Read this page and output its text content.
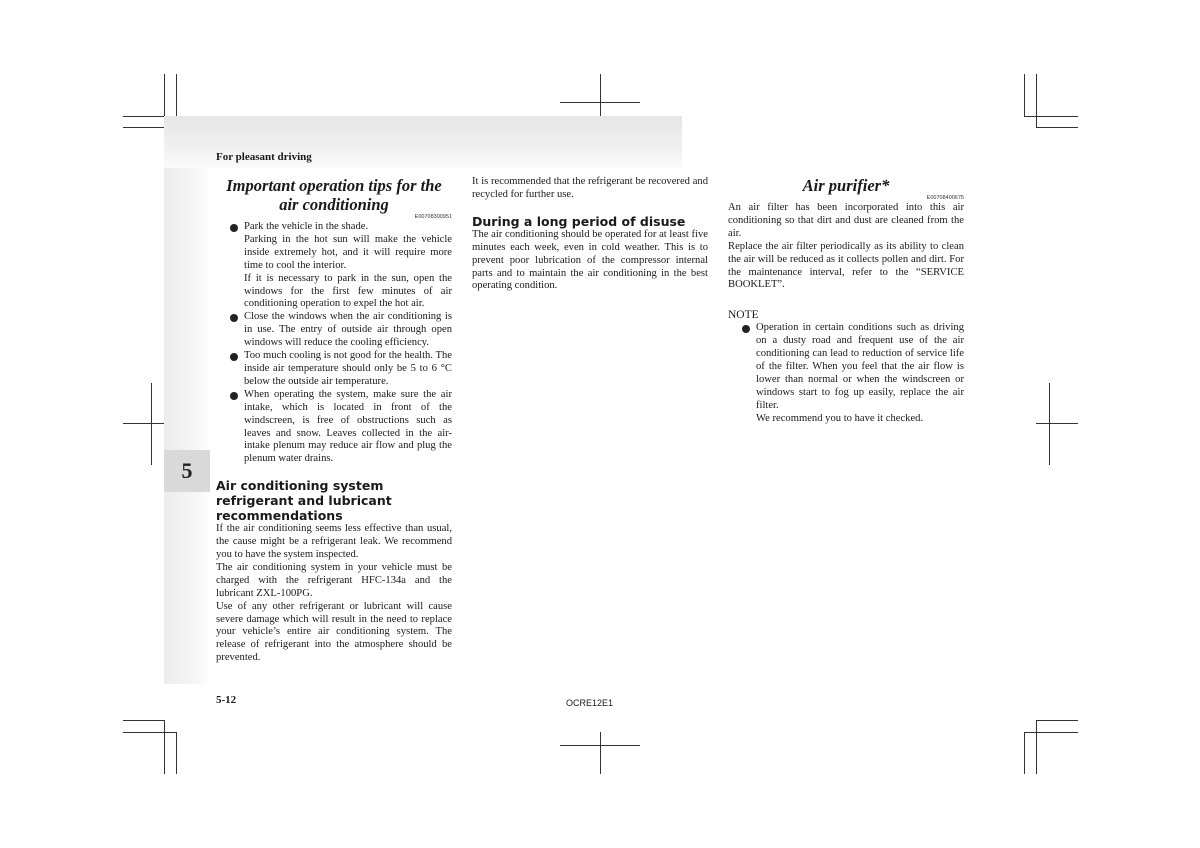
5
For pleasant driving
Important operation tips for the air conditioning
E00708300951

Park the vehicle in the shade.

Parking in the hot sun will make the vehicle inside extremely hot, and it will require more time to cool the interior.

If it is necessary to park in the sun, open the windows for the first few minutes of air conditioning operation to expel the hot air.

Close the windows when the air conditioning is in use. The entry of outside air through open windows will reduce the cooling efficiency.

Too much cooling is not good for the health. The inside air temperature should only be 5 to 6 °C below the outside air temperature.

When operating the system, make sure the air intake, which is located in front of the windscreen, is free of obstructions such as leaves and snow. Leaves collected in the air-intake plenum may reduce air flow and plug the plenum water drains.

Air conditioning system refrigerant and lubricant recommendations

If the air conditioning seems less effective than usual, the cause might be a refrigerant leak. We recommend you to have the system inspected.

The air conditioning system in your vehicle must be charged with the refrigerant HFC-134a and the lubricant ZXL-100PG.

Use of any other refrigerant or lubricant will cause severe damage which will result in the need to replace your vehicle’s entire air conditioning system. The release of refrigerant into the atmosphere should be prevented.

It is recommended that the refrigerant be recovered and recycled for further use.

During a long period of disuse

The air conditioning should be operated for at least five minutes each week, even in cold weather. This is to prevent poor lubrication of the compressor internal parts and to maintain the air conditioning in the best operating condition.

Air purifier*
E00708400675

An air filter has been incorporated into this air conditioning so that dirt and dust are cleaned from the air.

Replace the air filter periodically as its ability to clean the air will be reduced as it collects pollen and dirt. For the maintenance interval, refer to the “SERVICE BOOKLET”.

NOTE

Operation in certain conditions such as driving on a dusty road and frequent use of the air conditioning can lead to reduction of service life of the filter. When you feel that the air flow is lower than normal or when the windscreen or windows start to fog up easily, replace the air filter.

We recommend you to have it checked.

5-12	OCRE12E1
